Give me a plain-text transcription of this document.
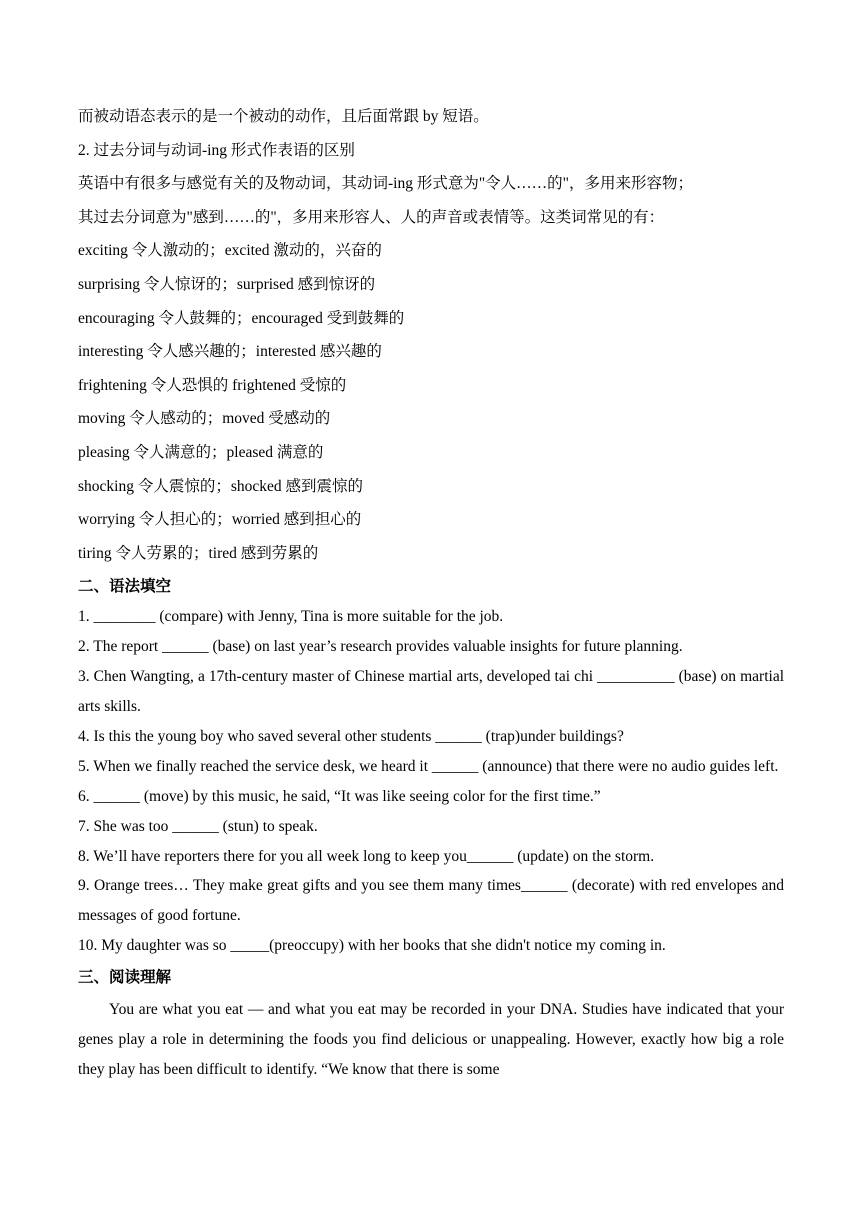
而被动语态表示的是一个被动的动作，且后面常跟 by 短语。
2. 过去分词与动词-ing 形式作表语的区别
英语中有很多与感觉有关的及物动词，其动词-ing 形式意为"令人……的"，多用来形容物；
其过去分词意为"感到……的"，多用来形容人、人的声音或表情等。这类词常见的有：
exciting 令人激动的；excited 激动的，兴奋的
surprising 令人惊讶的；surprised 感到惊讶的
encouraging 令人鼓舞的；encouraged 受到鼓舞的
interesting 令人感兴趣的；interested 感兴趣的
frightening 令人恐惧的 frightened 受惊的
moving 令人感动的；moved 受感动的
pleasing 令人满意的；pleased 满意的
shocking 令人震惊的；shocked 感到震惊的
worrying 令人担心的；worried 感到担心的
tiring 令人劳累的；tired 感到劳累的
二、语法填空
1. ________ (compare) with Jenny, Tina is more suitable for the job.
2. The report ______ (base) on last year’s research provides valuable insights for future planning.
3. Chen Wangting, a 17th-century master of Chinese martial arts, developed tai chi __________ (base) on martial arts skills.
4. Is this the young boy who saved several other students ______ (trap)under buildings?
5. When we finally reached the service desk, we heard it ______ (announce) that there were no audio guides left.
6. ______ (move) by this music, he said, “It was like seeing color for the first time.”
7. She was too ______ (stun) to speak.
8. We’ll have reporters there for you all week long to keep you______ (update) on the storm.
9. Orange trees… They make great gifts and you see them many times______ (decorate) with red envelopes and messages of good fortune.
10. My daughter was so _____(preoccupy) with her books that she didn't notice my coming in.
三、阅读理解
You are what you eat — and what you eat may be recorded in your DNA. Studies have indicated that your genes play a role in determining the foods you find delicious or unappealing. However, exactly how big a role they play has been difficult to identify. “We know that there is some
